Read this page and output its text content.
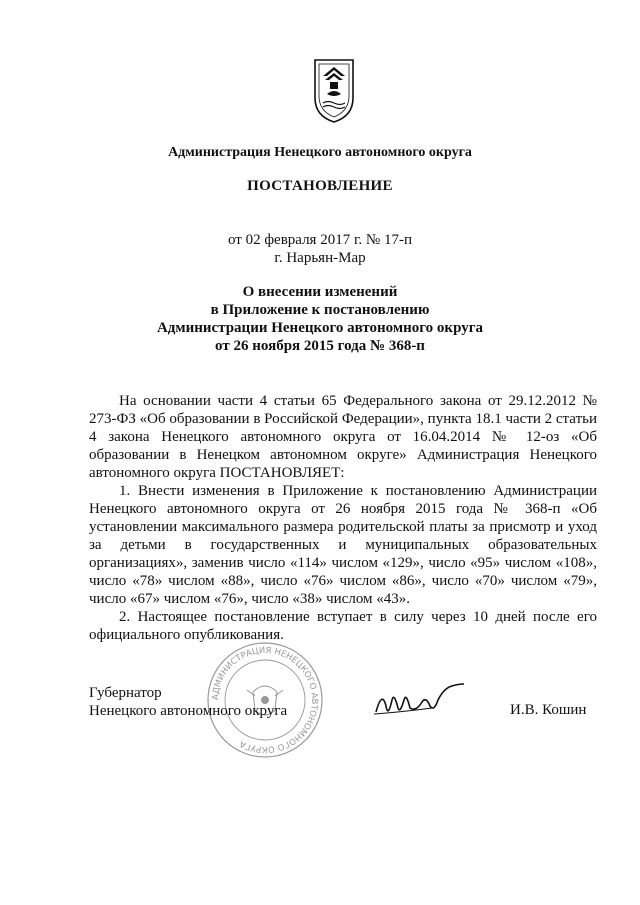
Администрация Ненецкого автономного округа
ПОСТАНОВЛЕНИЕ
от 02 февраля 2017 г. № 17-п
г. Нарьян-Мар
О внесении изменений
в Приложение к постановлению
Администрации Ненецкого автономного округа
от 26 ноября 2015 года № 368-п

На основании части 4 статьи 65 Федерального закона от 29.12.2012 № 273-ФЗ «Об образовании в Российской Федерации», пункта 18.1 части 2 статьи 4 закона Ненецкого автономного округа от 16.04.2014 № 12-оз «Об образовании в Ненецком автономном округе» Администрация Ненецкого автономного округа ПОСТАНОВЛЯЕТ:

1. Внести изменения в Приложение к постановлению Администрации Ненецкого автономного округа от 26 ноября 2015 года № 368-п «Об установлении максимального размера родительской платы за присмотр и уход за детьми в государственных и муниципальных образовательных организациях», заменив число «114» числом «129», число «95» числом «108», число «78» числом «88», число «76» числом «86», число «70» числом «79», число «67» числом «76», число «38» числом «43».

2. Настоящее постановление вступает в силу через 10 дней после его официального опубликования.

АДМИНИСТРАЦИЯ НЕНЕЦКОГО АВТОНОМНОГО ОКРУГА
Губернатор
Ненецкого автономного округа	И.В. Кошин
